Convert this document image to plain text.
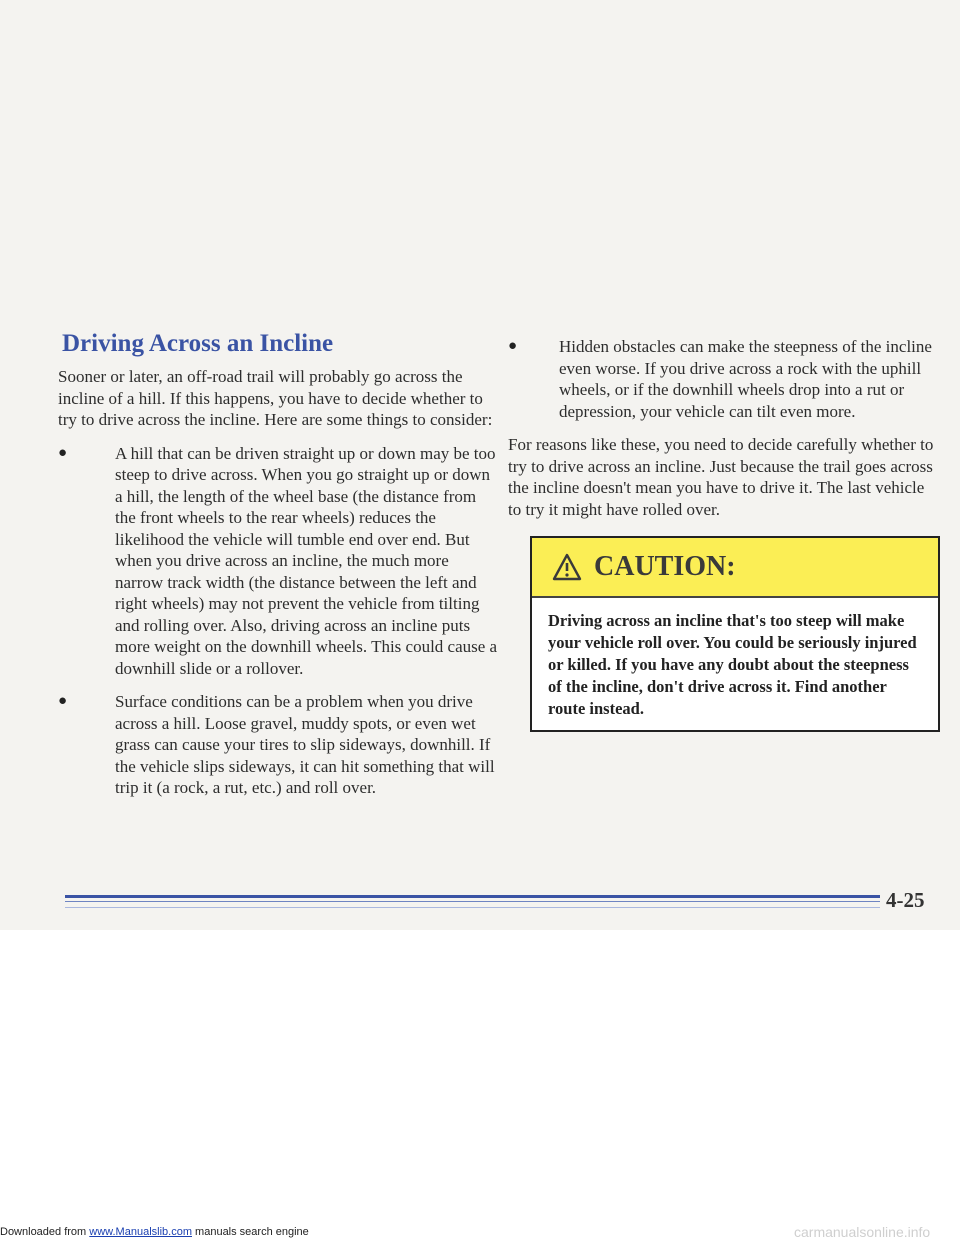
Driving Across an Incline

Sooner or later, an off-road trail will probably go across the incline of a hill. If this happens, you have to decide whether to try to drive across the incline. Here are some things to consider:

●	A hill that can be driven straight up or down may be too steep to drive across. When you go straight up or down a hill, the length of the wheel base (the distance from the front wheels to the rear wheels) reduces the likelihood the vehicle will tumble end over end. But when you drive across an incline, the much more narrow track width (the distance between the left and right wheels) may not prevent the vehicle from tilting and rolling over. Also, driving across an incline puts more weight on the downhill wheels. This could cause a downhill slide or a rollover.
●	Surface conditions can be a problem when you drive across a hill. Loose gravel, muddy spots, or even wet grass can cause your tires to slip sideways, downhill. If the vehicle slips sideways, it can hit something that will trip it (a rock, a rut, etc.) and roll over.
●	Hidden obstacles can make the steepness of the incline even worse. If you drive across a rock with the uphill wheels, or if the downhill wheels drop into a rut or depression, your vehicle can tilt even more.

For reasons like these, you need to decide carefully whether to try to drive across an incline. Just because the trail goes across the incline doesn't mean you have to drive it. The last vehicle to try it might have rolled over.

CAUTION:

Driving across an incline that's too steep will make your vehicle roll over. You could be seriously injured or killed. If you have any doubt about the steepness of the incline, don't drive across it. Find another route instead.

4-25

Downloaded from www.Manualslib.com manuals search engine	carmanualsonline.info
